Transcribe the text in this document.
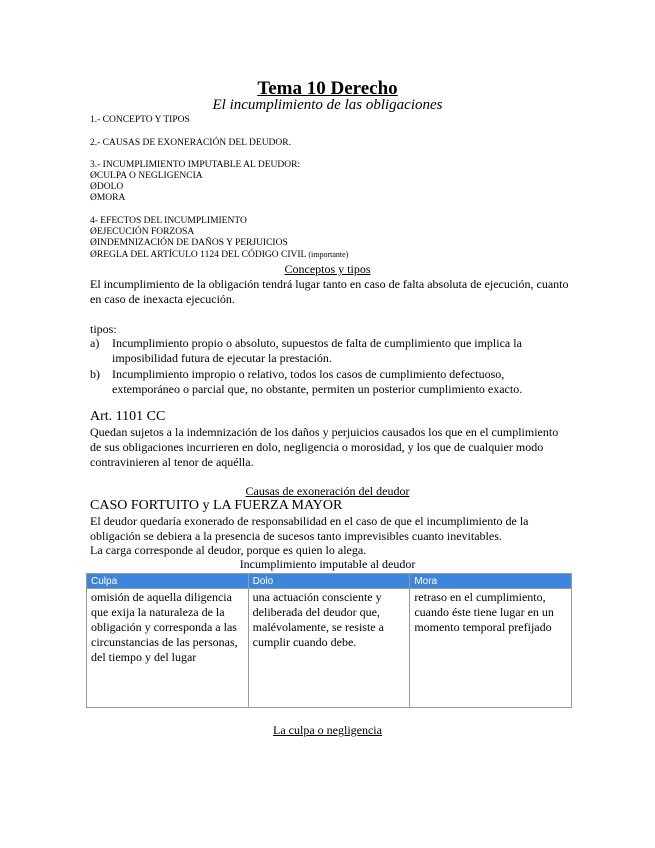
Tema 10 Derecho
El incumplimiento de las obligaciones
1.- CONCEPTO Y TIPOS
2.- CAUSAS DE EXONERACIÓN DEL DEUDOR.
3.- INCUMPLIMIENTO IMPUTABLE AL DEUDOR:
ØCULPA O NEGLIGENCIA
ØDOLO
ØMORA
4- EFECTOS DEL INCUMPLIMIENTO
ØEJECUCIÓN FORZOSA
ØINDEMNIZACIÓN DE DAÑOS Y PERJUICIOS
ØREGLA DEL ARTÍCULO 1124 DEL CÓDIGO CIVIL (importante)
Conceptos y tipos
El incumplimiento de la obligación tendrá lugar tanto en caso de falta absoluta de ejecución, cuanto en caso de inexacta ejecución.
tipos:
a) Incumplimiento propio o absoluto, supuestos de falta de cumplimiento que implica la imposibilidad futura de ejecutar la prestación.
b) Incumplimiento impropio o relativo, todos los casos de cumplimiento defectuoso, extemporáneo o parcial que, no obstante, permiten un posterior cumplimiento exacto.
Art. 1101 CC
Quedan sujetos a la indemnización de los daños y perjuicios causados los que en el cumplimiento de sus obligaciones incurrieren en dolo, negligencia o morosidad, y los que de cualquier modo contravinieren al tenor de aquélla.
Causas de exoneración del deudor
CASO FORTUITO y LA FUERZA MAYOR
El deudor quedaría exonerado de responsabilidad en el caso de que el incumplimiento de la obligación se debiera a la presencia de sucesos tanto imprevisibles cuanto inevitables.
La carga corresponde al deudor, porque es quien lo alega.
Incumplimiento imputable al deudor
Culpa	Dolo	Mora
omisión de aquella diligencia que exija la naturaleza de la obligación y corresponda a las circunstancias de las personas, del tiempo y del lugar	una actuación consciente y deliberada del deudor que, malévolamente, se resiste a cumplir cuando debe.	retraso en el cumplimiento, cuando éste tiene lugar en un momento temporal prefijado
La culpa o negligencia
